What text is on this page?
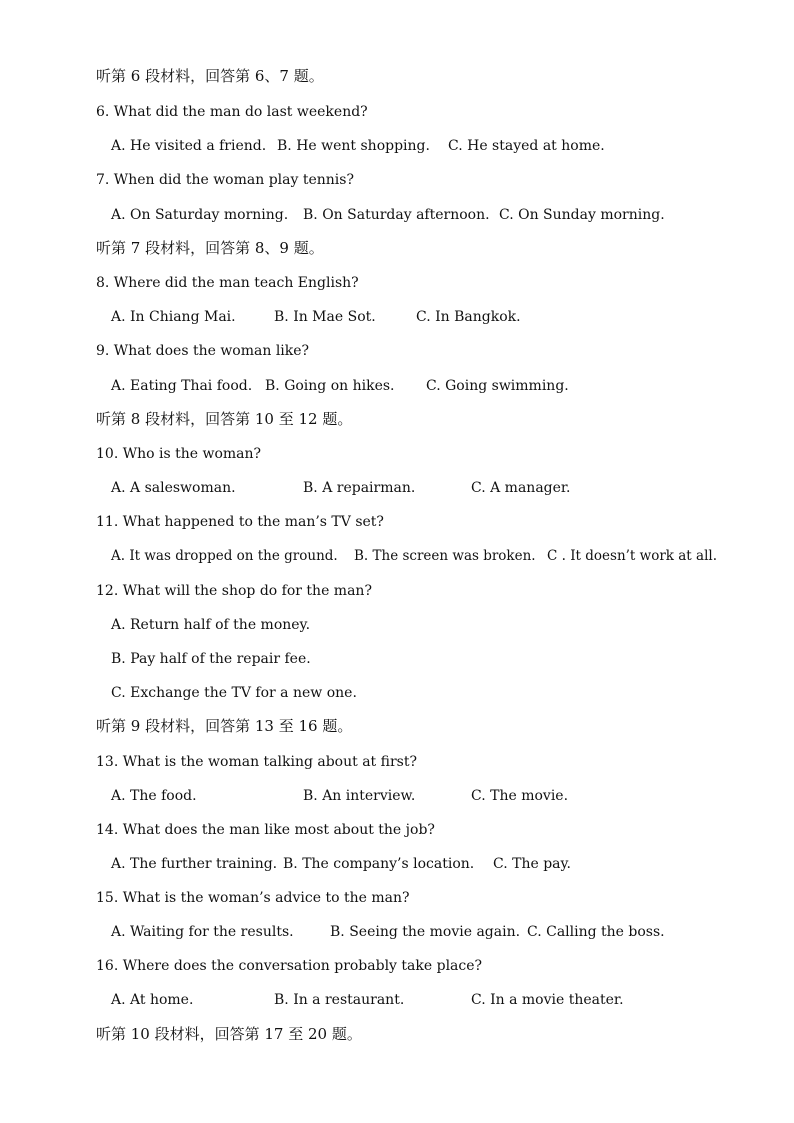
听第 6 段材料，回答第 6、7 题。
6. What did the man do last weekend?
A. He visited a friend. B. He went shopping. C. He stayed at home.
7. When did the woman play tennis?
A. On Saturday morning. B. On Saturday afternoon. C. On Sunday morning.
听第 7 段材料，回答第 8、9 题。
8. Where did the man teach English?
A. In Chiang Mai.	B. In Mae Sot.	C. In Bangkok.
9. What does the woman like?
A. Eating Thai food. B. Going on hikes. C. Going swimming.
听第 8 段材料，回答第 10 至 12 题。
10. Who is the woman?
A. A saleswoman.	B. A repairman.	C. A manager.
11. What happened to the man’s TV set?
A. It was dropped on the ground. B. The screen was broken. C . It doesn’t work at all.
12. What will the shop do for the man?
A. Return half of the money.
B. Pay half of the repair fee.
C. Exchange the TV for a new one.
听第 9 段材料，回答第 13 至 16 题。
13. What is the woman talking about at first?
A. The food.	B. An interview.	C. The movie.
14. What does the man like most about the job?
A. The further training. B. The company’s location. C. The pay.
15. What is the woman’s advice to the man?
A. Waiting for the results.	B. Seeing the movie again. C. Calling the boss.
16. Where does the conversation probably take place?
A. At home.	B. In a restaurant.	C. In a movie theater.
听第 10 段材料，回答第 17 至 20 题。
